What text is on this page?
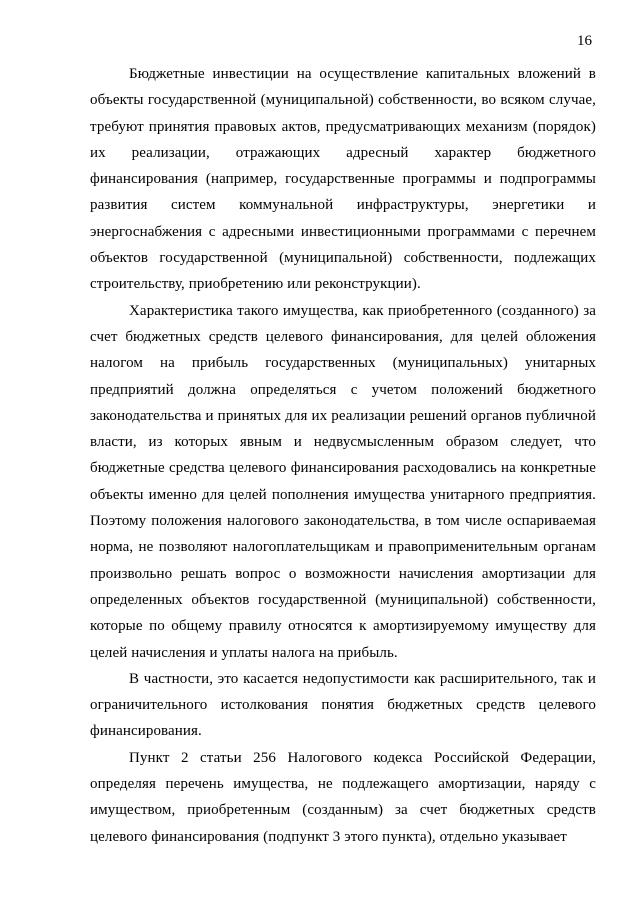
16

Бюджетные инвестиции на осуществление капитальных вложений в объекты государственной (муниципальной) собственности, во всяком случае, требуют принятия правовых актов, предусматривающих механизм (порядок) их реализации, отражающих адресный характер бюджетного финансирования (например, государственные программы и подпрограммы развития систем коммунальной инфраструктуры, энергетики и энергоснабжения с адресными инвестиционными программами с перечнем объектов государственной (муниципальной) собственности, подлежащих строительству, приобретению или реконструкции).

Характеристика такого имущества, как приобретенного (созданного) за счет бюджетных средств целевого финансирования, для целей обложения налогом на прибыль государственных (муниципальных) унитарных предприятий должна определяться с учетом положений бюджетного законодательства и принятых для их реализации решений органов публичной власти, из которых явным и недвусмысленным образом следует, что бюджетные средства целевого финансирования расходовались на конкретные объекты именно для целей пополнения имущества унитарного предприятия. Поэтому положения налогового законодательства, в том числе оспариваемая норма, не позволяют налогоплательщикам и правоприменительным органам произвольно решать вопрос о возможности начисления амортизации для определенных объектов государственной (муниципальной) собственности, которые по общему правилу относятся к амортизируемому имуществу для целей начисления и уплаты налога на прибыль.

В частности, это касается недопустимости как расширительного, так и ограничительного истолкования понятия бюджетных средств целевого финансирования.

Пункт 2 статьи 256 Налогового кодекса Российской Федерации, определяя перечень имущества, не подлежащего амортизации, наряду с имуществом, приобретенным (созданным) за счет бюджетных средств целевого финансирования (подпункт 3 этого пункта), отдельно указывает
